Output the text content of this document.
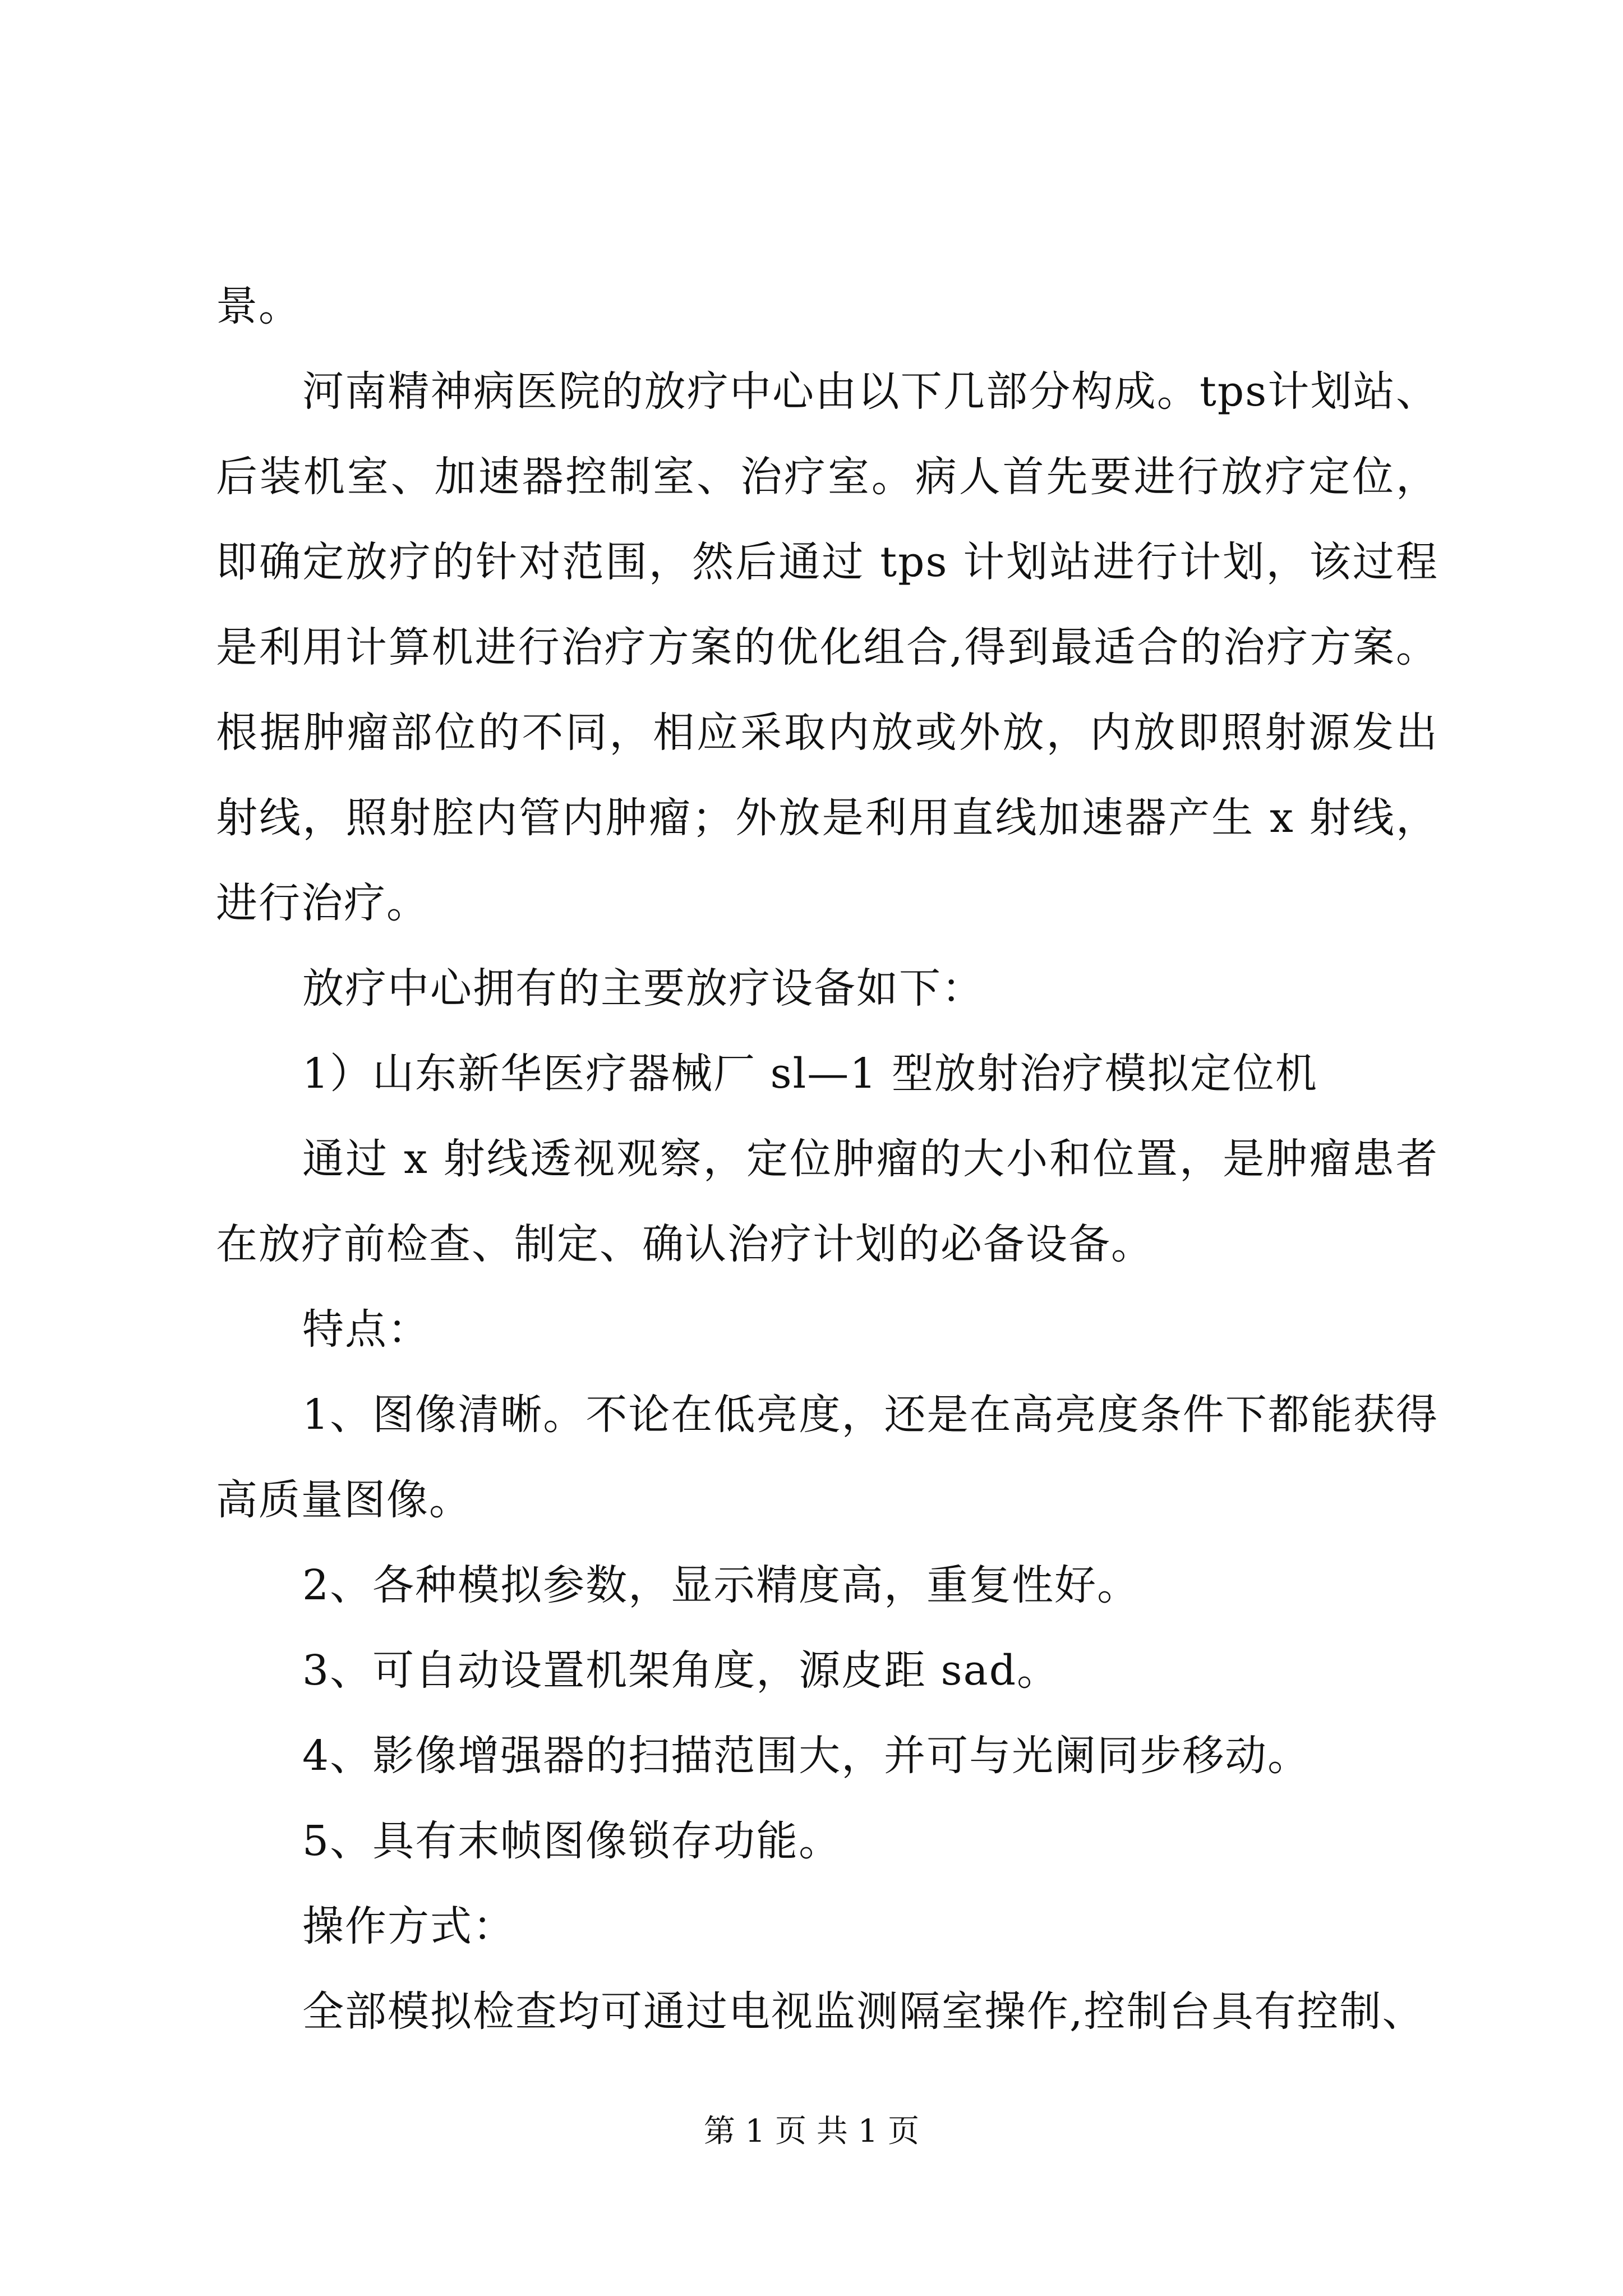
景。

河南精神病医院的放疗中心由以下几部分构成。tps计划站、后装机室、加速器控制室、治疗室。病人首先要进行放疗定位，即确定放疗的针对范围，然后通过 tps 计划站进行计划，该过程是利用计算机进行治疗方案的优化组合,得到最适合的治疗方案。根据肿瘤部位的不同，相应采取内放或外放，内放即照射源发出射线，照射腔内管内肿瘤；外放是利用直线加速器产生 x 射线，进行治疗。

放疗中心拥有的主要放疗设备如下：

1）山东新华医疗器械厂 sl—1 型放射治疗模拟定位机

通过 x 射线透视观察，定位肿瘤的大小和位置，是肿瘤患者在放疗前检查、制定、确认治疗计划的必备设备。

特点：

1、图像清晰。不论在低亮度，还是在高亮度条件下都能获得高质量图像。

2、各种模拟参数，显示精度高，重复性好。

3、可自动设置机架角度，源皮距 sad。

4、影像增强器的扫描范围大，并可与光阑同步移动。

5、具有末帧图像锁存功能。

操作方式：

全部模拟检查均可通过电视监测隔室操作,控制台具有控制、

第 1 页 共 1 页
